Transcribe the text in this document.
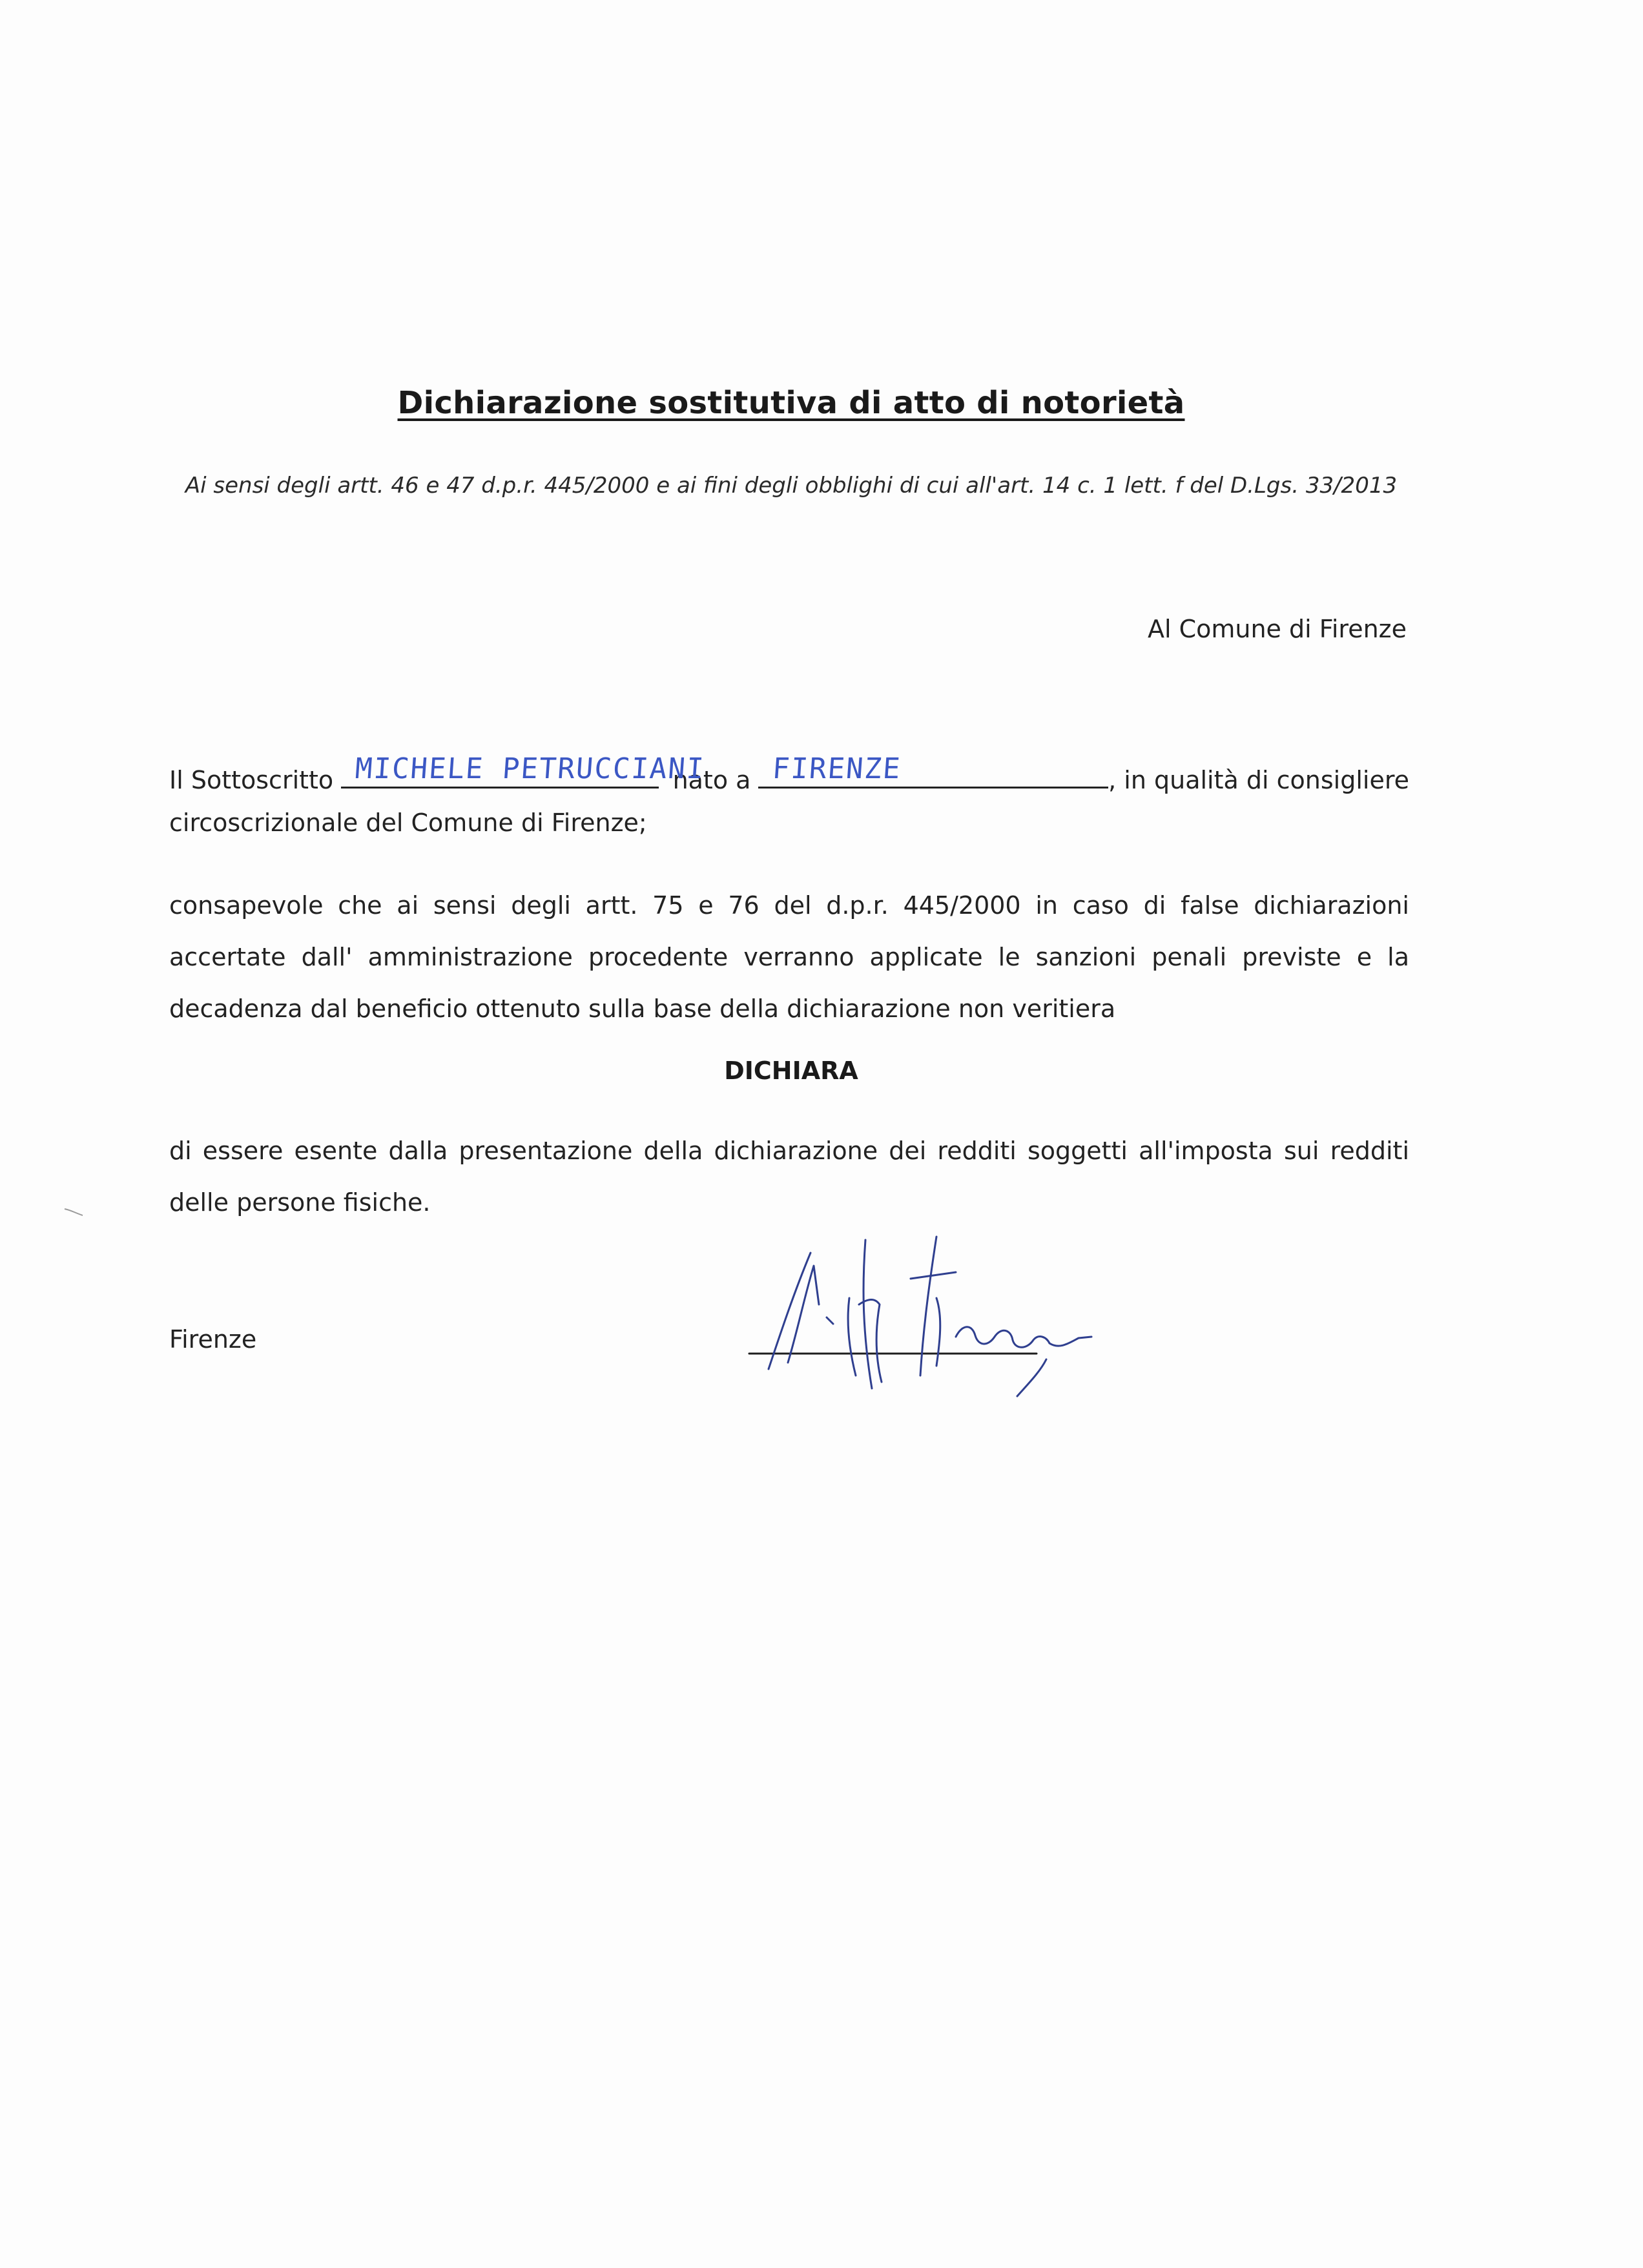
Dichiarazione sostitutiva di atto di notorietà
Ai sensi degli artt. 46 e 47 d.p.r. 445/2000 e ai fini degli obblighi di cui all'art. 14 c. 1 lett. f del D.Lgs. 33/2013
Al Comune di Firenze
Il Sottoscritto MICHELE PETRUCCIANI
nato a FIRENZE	, in qualità di consigliere
circoscrizionale del Comune di Firenze;
consapevole che ai sensi degli artt. 75 e 76 del d.p.r. 445/2000 in caso di false dichiarazioni accertate dall' amministrazione procedente verranno applicate le sanzioni penali previste e la decadenza dal beneficio ottenuto sulla base della dichiarazione non veritiera
DICHIARA
di essere esente dalla presentazione della dichiarazione dei redditi soggetti all'imposta sui redditi delle persone fisiche.
Firenze
